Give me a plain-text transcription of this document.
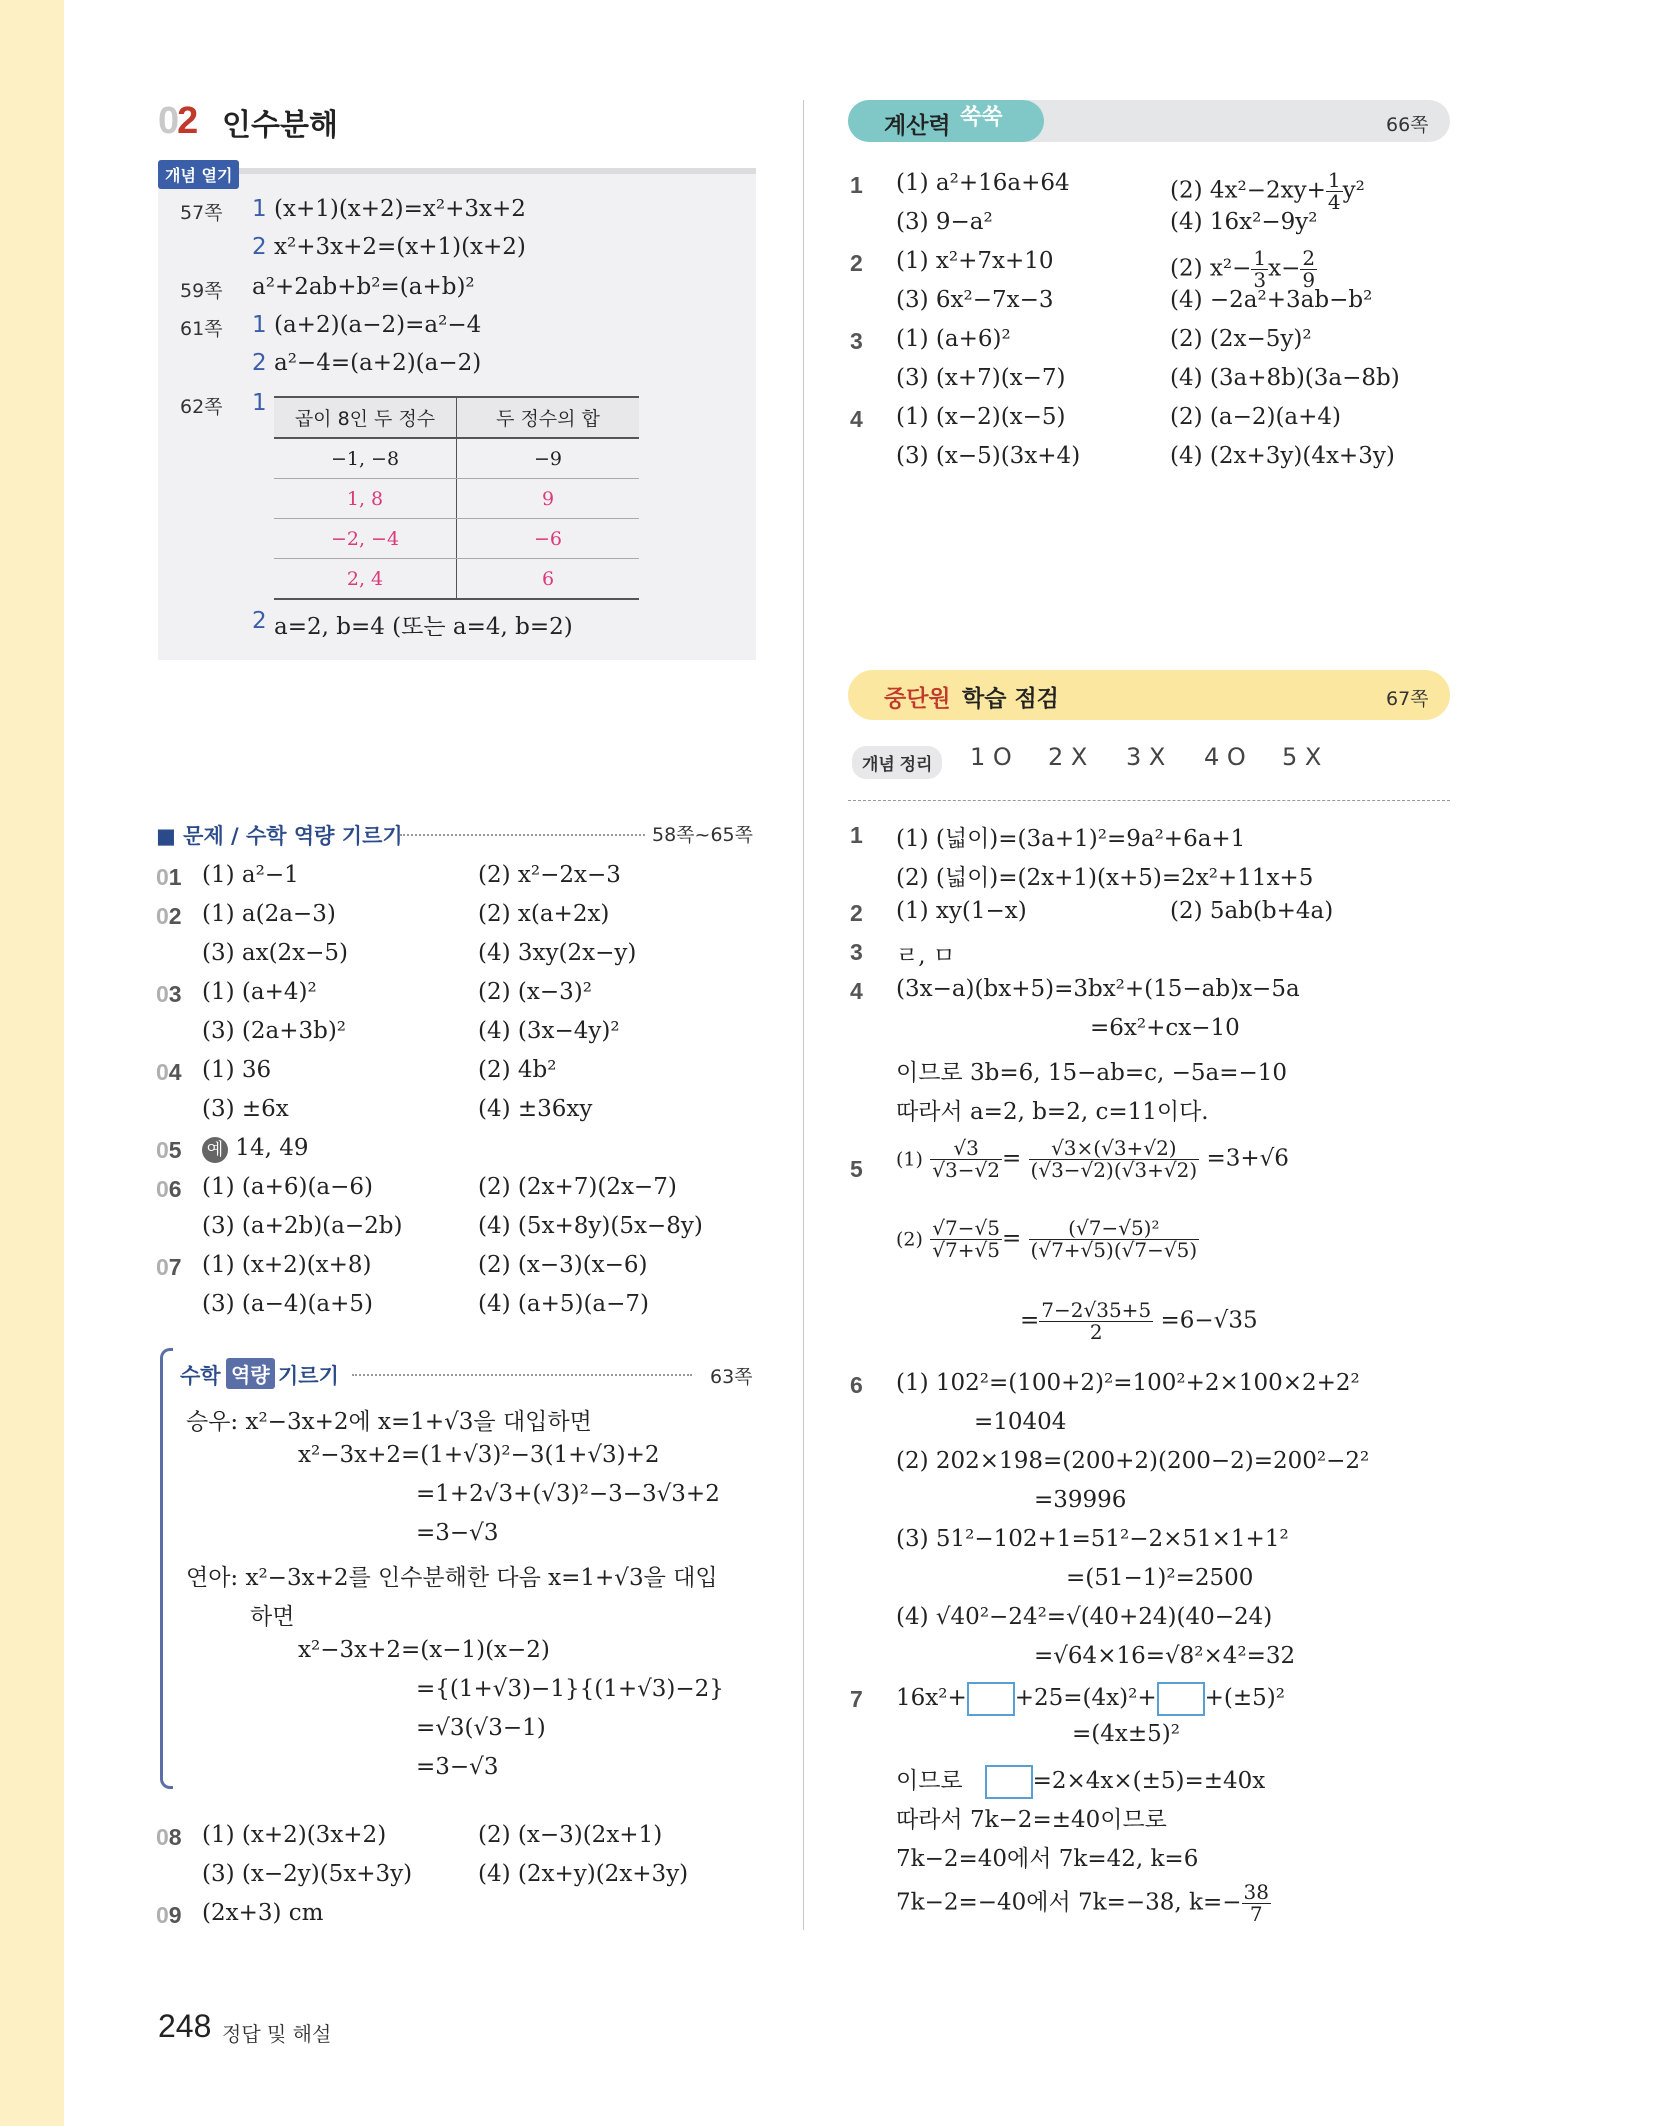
02 인수분해
개념 열기
57쪽 1 (x+1)(x+2)=x²+3x+2
2 x²+3x+2=(x+1)(x+2)
59쪽 a²+2ab+b²=(a+b)²
61쪽 1 (a+2)(a−2)=a²−4
2 a²−4=(a+2)(a−2)
62쪽 1
곱이 8인 두 정수	두 정수의 합
−1, −8	−9
1, 8	9
−2, −4	−6
2, 4	6
2 a=2, b=4 (또는 a=4, b=2)
■ 문제 / 수학 역량 기르기	58쪽~65쪽
01 (1) a²−1	(2) x²−2x−3
02 (1) a(2a−3)	(2) x(a+2x)
(3) ax(2x−5)	(4) 3xy(2x−y)
03 (1) (a+4)²	(2) (x−3)²
(3) (2a+3b)²	(4) (3x−4y)²
04 (1) 36	(2) 4b²
(3) ±6x	(4) ±36xy
05 예 14, 49
06 (1) (a+6)(a−6)	(2) (2x+7)(2x−7)
(3) (a+2b)(a−2b)	(4) (5x+8y)(5x−8y)
07 (1) (x+2)(x+8)	(2) (x−3)(x−6)
(3) (a−4)(a+5)	(4) (a+5)(a−7)
수학 역량 기르기	63쪽
승우: x²−3x+2에 x=1+√3을 대입하면
x²−3x+2=(1+√3)²−3(1+√3)+2
=1+2√3+(√3)²−3−3√3+2
=3−√3
연아: x²−3x+2를 인수분해한 다음 x=1+√3을 대입
하면
x²−3x+2=(x−1)(x−2)
={(1+√3)−1}{(1+√3)−2}
=√3(√3−1)
=3−√3
08 (1) (x+2)(3x+2)	(2) (x−3)(2x+1)
(3) (x−2y)(5x+3y)	(4) (2x+y)(2x+3y)
09 (2x+3) cm
계산력 쑥쑥	66쪽
1 (1) a²+16a+64	(2) $4x^2-2xy+ \frac{1}{4} y^2$
(3) 9−a²	(4) 16x²−9y²
2 (1) x²+7x+10	(2) $x^2- \frac{1}{3} x- \frac{2}{9}$
(3) 6x²−7x−3	(4) −2a²+3ab−b²
3 (1) (a+6)²	(2) (2x−5y)²
(3) (x+7)(x−7)	(4) (3a+8b)(3a−8b)
4 (1) (x−2)(x−5)	(2) (a−2)(a+4)
(3) (x−5)(3x+4)	(4) (2x+3y)(4x+3y)
중단원 학습 점검	67쪽
개념 정리	1 O 2 X 3 X 4 O 5 X
1 (1) (넓이)=(3a+1)²=9a²+6a+1
(2) (넓이)=(2x+1)(x+5)=2x²+11x+5
2 (1) xy(1−x)	(2) 5ab(b+4a)
3 ㄹ, ㅁ
4 (3x−a)(bx+5)=3bx²+(15−ab)x−5a
=6x²+cx−10
이므로 3b=6, 15−ab=c, −5a=−10
따라서 a=2, b=2, c=11이다.
5 $(1) \frac{√3}{√3-√2} = \frac{√3\times(√3+√2)}{(√3-√2)(√3+√2)} =3+√6$
$(2) \frac{√7-√5}{√7+√5} = \frac{\text{(√7−√5)²}}{(√7+√5)(√7-√5)}$
= $\frac{7-2√35+5}{2} =6-√35$
6 (1) 102²=(100+2)²=100²+2×100×2+2²
=10404
(2) 202×198=(200+2)(200−2)=200²−2²
=39996
(3) 51²−102+1=51²−2×51×1+1²
=(51−1)²=2500
(4) √40²−24²=√(40+24)(40−24)
=√64×16=√8²×4²=32
7 16x²+ +25=(4x)²+ +(±5)²
=(4x±5)²
이므로	=2×4x×(±5)=±40x
따라서 7k−2=±40이므로
7k−2=40에서 7k=42, k=6
7k−2=−40에서 7k=−38, $k=- \frac{38}{7}$
248 정답 및 해설
